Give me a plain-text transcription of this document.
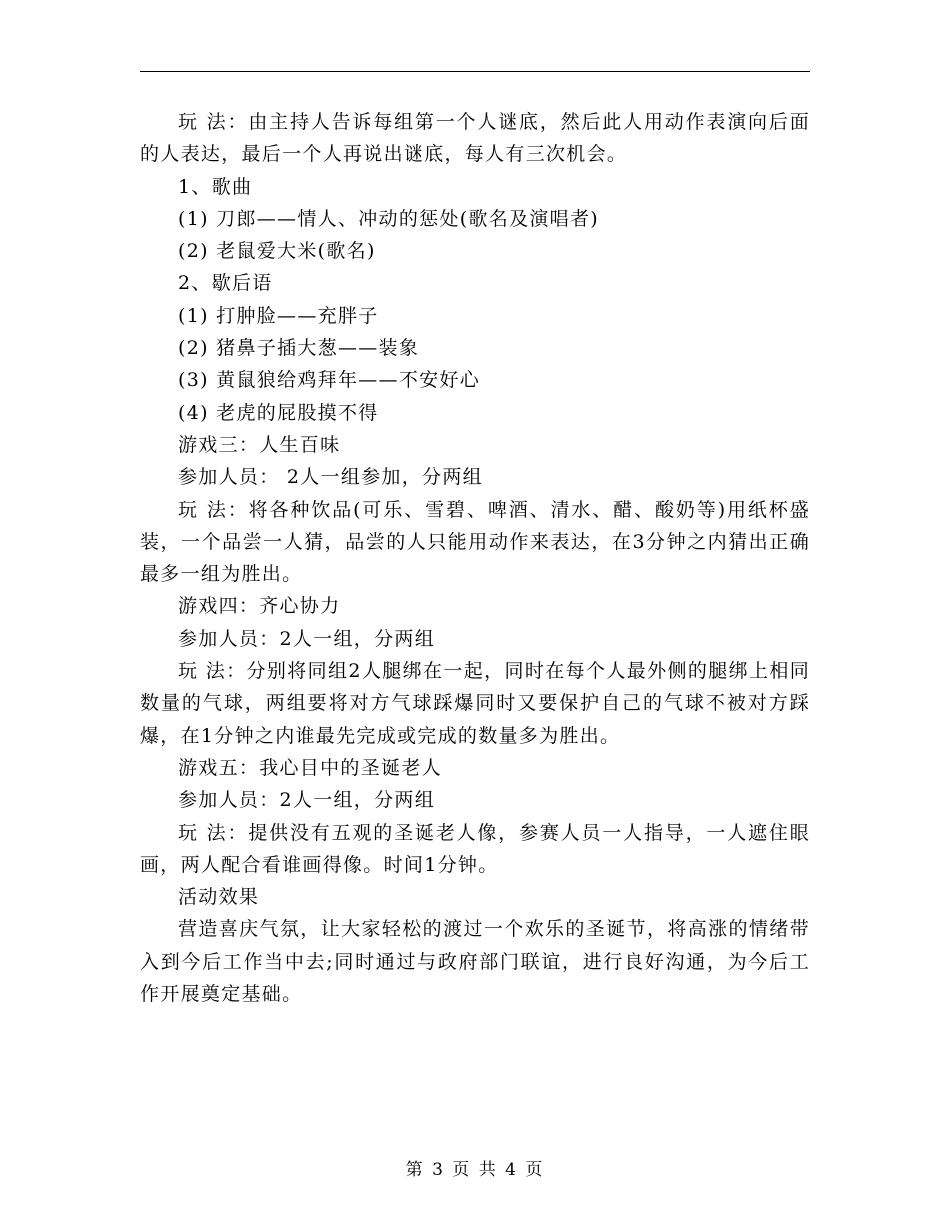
玩 法：由主持人告诉每组第一个人谜底，然后此人用动作表演向后面的人表达，最后一个人再说出谜底，每人有三次机会。

1、歌曲

(1) 刀郎——情人、冲动的惩处(歌名及演唱者)

(2) 老鼠爱大米(歌名)

2、歇后语

(1) 打肿脸——充胖子

(2) 猪鼻子插大葱——装象

(3) 黄鼠狼给鸡拜年——不安好心

(4) 老虎的屁股摸不得

游戏三：人生百味

参加人员： 2人一组参加，分两组

玩 法：将各种饮品(可乐、雪碧、啤酒、清水、醋、酸奶等)用纸杯盛装，一个品尝一人猜，品尝的人只能用动作来表达，在3分钟之内猜出正确最多一组为胜出。

游戏四：齐心协力

参加人员：2人一组，分两组

玩 法：分别将同组2人腿绑在一起，同时在每个人最外侧的腿绑上相同数量的气球，两组要将对方气球踩爆同时又要保护自己的气球不被对方踩爆，在1分钟之内谁最先完成或完成的数量多为胜出。

游戏五：我心目中的圣诞老人

参加人员：2人一组，分两组

玩 法：提供没有五观的圣诞老人像，参赛人员一人指导，一人遮住眼画，两人配合看谁画得像。时间1分钟。

活动效果

营造喜庆气氛，让大家轻松的渡过一个欢乐的圣诞节，将高涨的情绪带入到今后工作当中去;同时通过与政府部门联谊，进行良好沟通，为今后工作开展奠定基础。

第 3 页 共 4 页
